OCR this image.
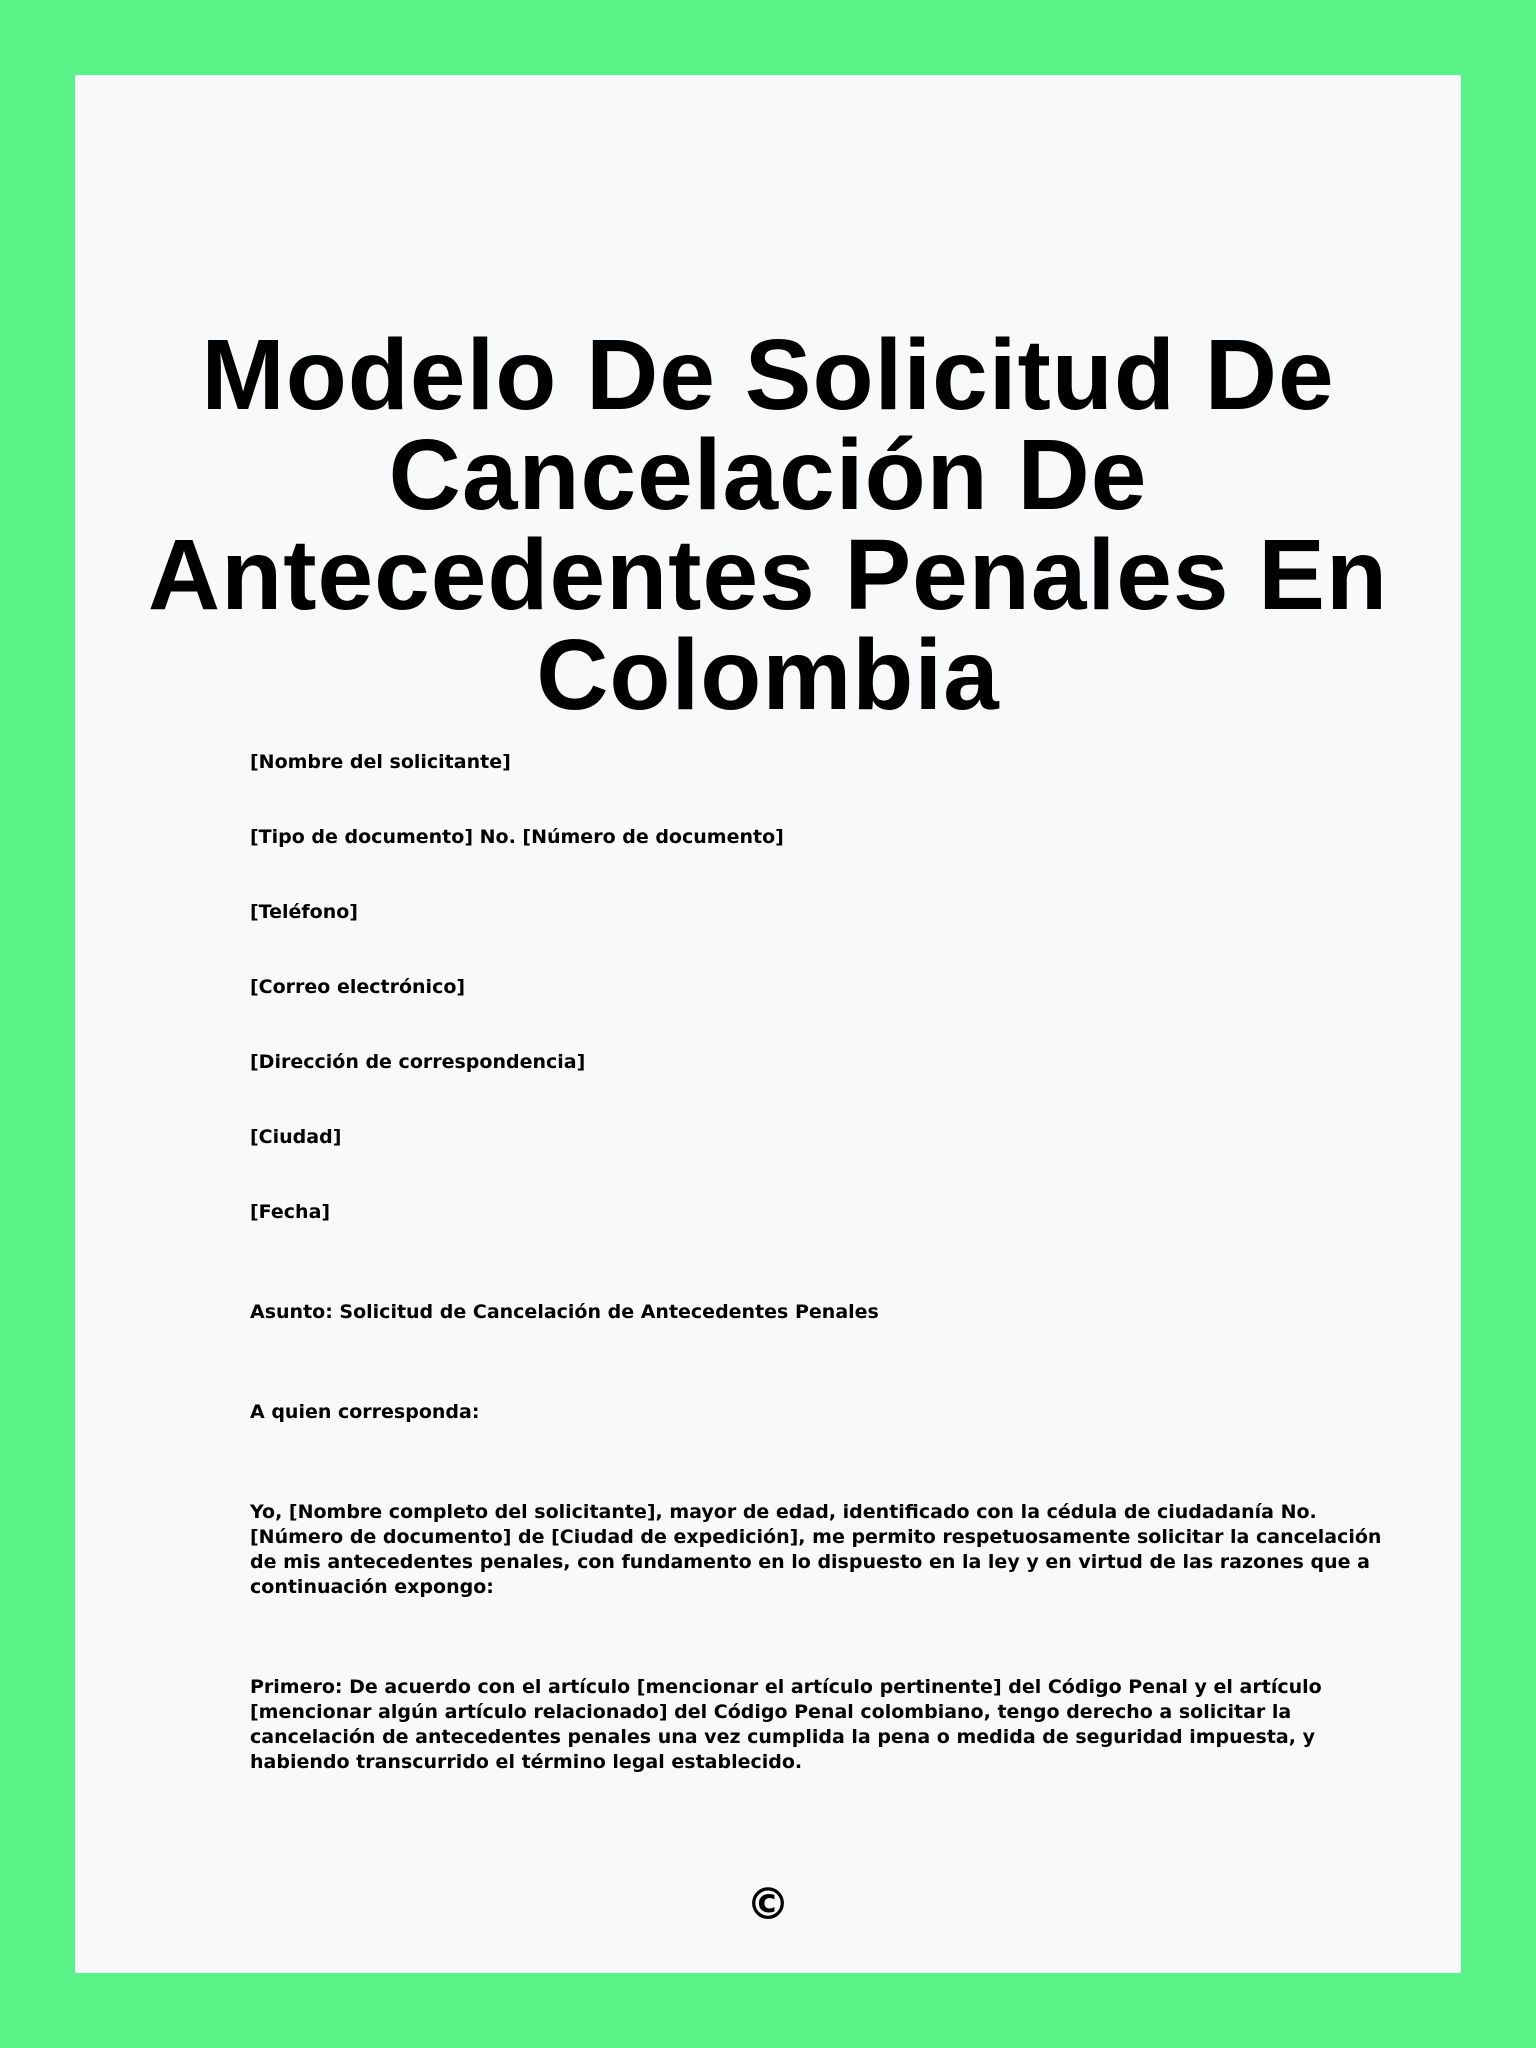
Modelo De Solicitud De Cancelación De Antecedentes Penales En Colombia
[Nombre del solicitante]
[Tipo de documento] No. [Número de documento]
[Teléfono]
[Correo electrónico]
[Dirección de correspondencia]
[Ciudad]
[Fecha]
Asunto: Solicitud de Cancelación de Antecedentes Penales
A quien corresponda:
Yo, [Nombre completo del solicitante], mayor de edad, identificado con la cédula de ciudadanía No.
[Número de documento] de [Ciudad de expedición], me permito respetuosamente solicitar la cancelación
de mis antecedentes penales, con fundamento en lo dispuesto en la ley y en virtud de las razones que a
continuación expongo:
Primero: De acuerdo con el artículo [mencionar el artículo pertinente] del Código Penal y el artículo
[mencionar algún artículo relacionado] del Código Penal colombiano, tengo derecho a solicitar la
cancelación de antecedentes penales una vez cumplida la pena o medida de seguridad impuesta, y
habiendo transcurrido el término legal establecido.
©
